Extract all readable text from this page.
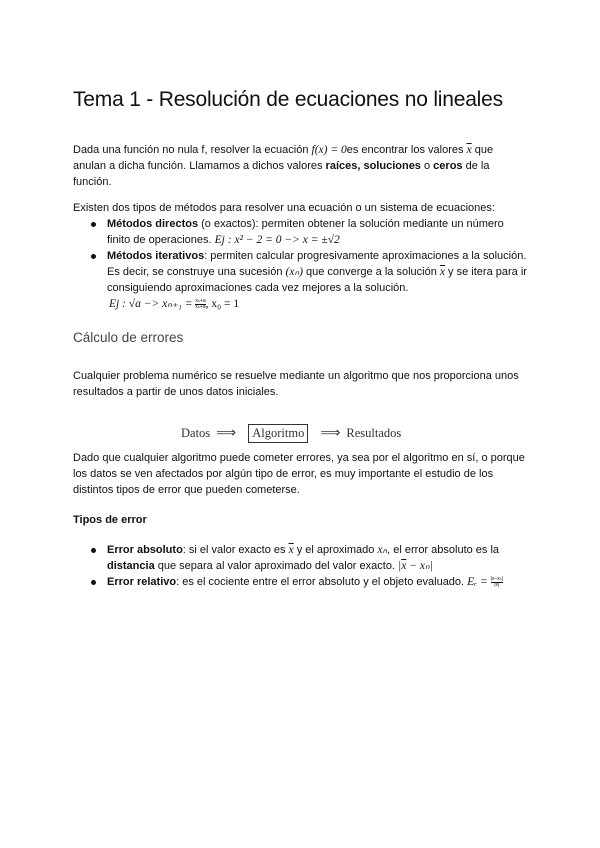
Tema 1 - Resolución de ecuaciones no lineales

Dada una función no nula f, resolver la ecuación f(x) = 0es encontrar los valores $\overline{x}$ que anulan a dicha función. Llamamos a dichos valores raíces, soluciones o ceros de la función.

Existen dos tipos de métodos para resolver una ecuación o un sistema de ecuaciones:

Métodos directos (o exactos): permiten obtener la solución mediante un número finito de operaciones. Ej : x² − 2 = 0 −> x = ±√2
Métodos iterativos: permiten calcular progresivamente aproximaciones a la solución. Es decir, se construye una sucesión (xₙ) que converge a la solución $\overline{x}$ y se itera para ir consiguiendo aproximaciones cada vez mejores a la solución.
Ej : $√a -> x_{n+1} = \frac{\text{xₙ+a}}{\text{xₙ+a}}$ , x₀ = 1
Cálculo de errores

Cualquier problema numérico se resuelve mediante un algoritmo que nos proporciona unos resultados a partir de unos datos iniciales.

Datos ⟹	Algoritmo ⟹ Resultados

Dado que cualquier algoritmo puede cometer errores, ya sea por el algoritmo en sí, o porque los datos se ven afectados por algún tipo de error, es muy importante el estudio de los distintos tipos de error que pueden cometerse.

Tipos de error
Error absoluto: si el valor exacto es $\overline{x}$ y el aproximado xₙ, el error absoluto es la distancia que separa al valor aproximado del valor exacto. $|\overline{x} - x_n|$
Error relativo: es el cociente entre el error absoluto y el objeto evaluado. Eᵣ = $\frac{\text{|x−xₙ|}}{|x|}$
